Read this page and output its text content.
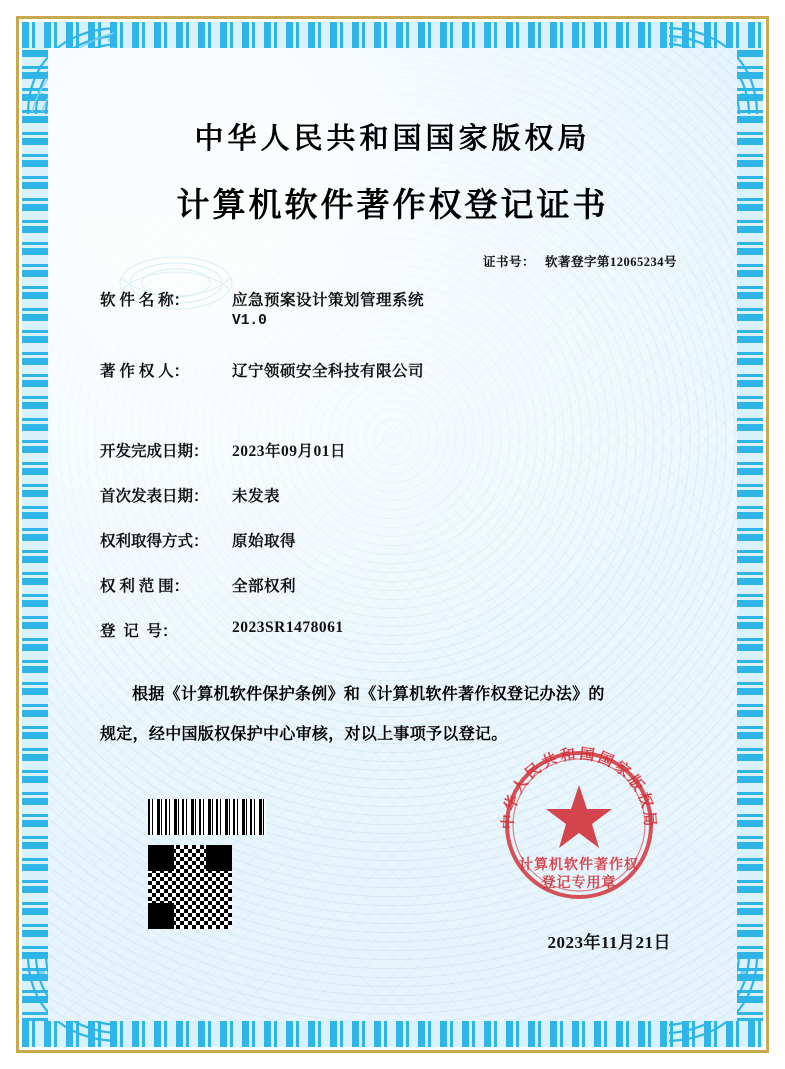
中华人民共和国国家版权局
计算机软件著作权登记证书
证书号： 软著登字第12065234号
软 件 名 称：	应急预案设计策划管理系统
V1.0
著 作 权 人：	辽宁领硕安全科技有限公司
开发完成日期：	2023年09月01日
首次发表日期：	未发表
权利取得方式：	原始取得
权 利 范 围：	全部权利
登  记  号：	2023SR1478061

根据《计算机软件保护条例》和《计算机软件著作权登记办法》的

规定，经中国版权保护中心审核，对以上事项予以登记。

中华人民共和国国家版权局
计算机软件著作权
登记专用章
2023年11月21日
